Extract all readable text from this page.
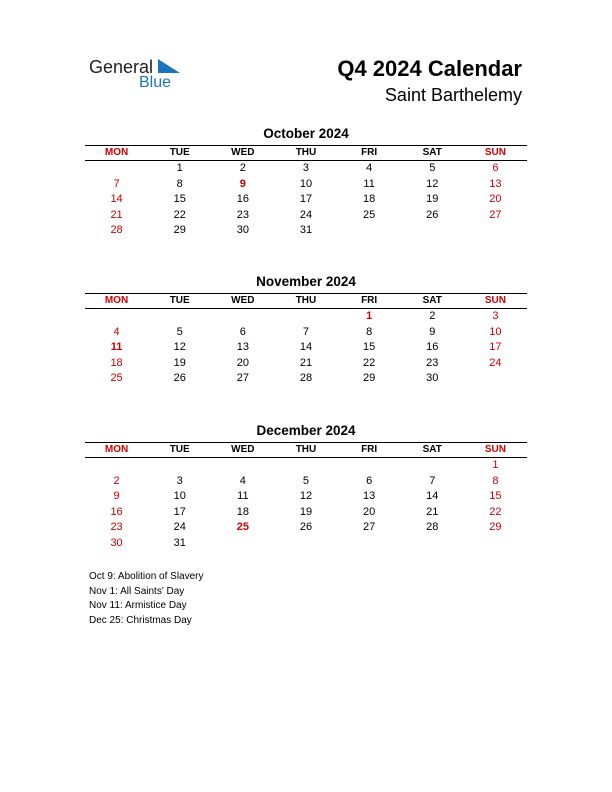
General
Blue
Q4 2024 Calendar
Saint Barthelemy
October 2024
MON	TUE	WED	THU	FRI	SAT	SUN
	1	2	3	4	5	6
7	8	9	10	11	12	13
14	15	16	17	18	19	20
21	22	23	24	25	26	27
28	29	30	31			
November 2024
MON	TUE	WED	THU	FRI	SAT	SUN
				1	2	3
4	5	6	7	8	9	10
11	12	13	14	15	16	17
18	19	20	21	22	23	24
25	26	27	28	29	30	
December 2024
MON	TUE	WED	THU	FRI	SAT	SUN
						1
2	3	4	5	6	7	8
9	10	11	12	13	14	15
16	17	18	19	20	21	22
23	24	25	26	27	28	29
30	31					
Oct 9: Abolition of Slavery
Nov 1: All Saints' Day
Nov 11: Armistice Day
Dec 25: Christmas Day
